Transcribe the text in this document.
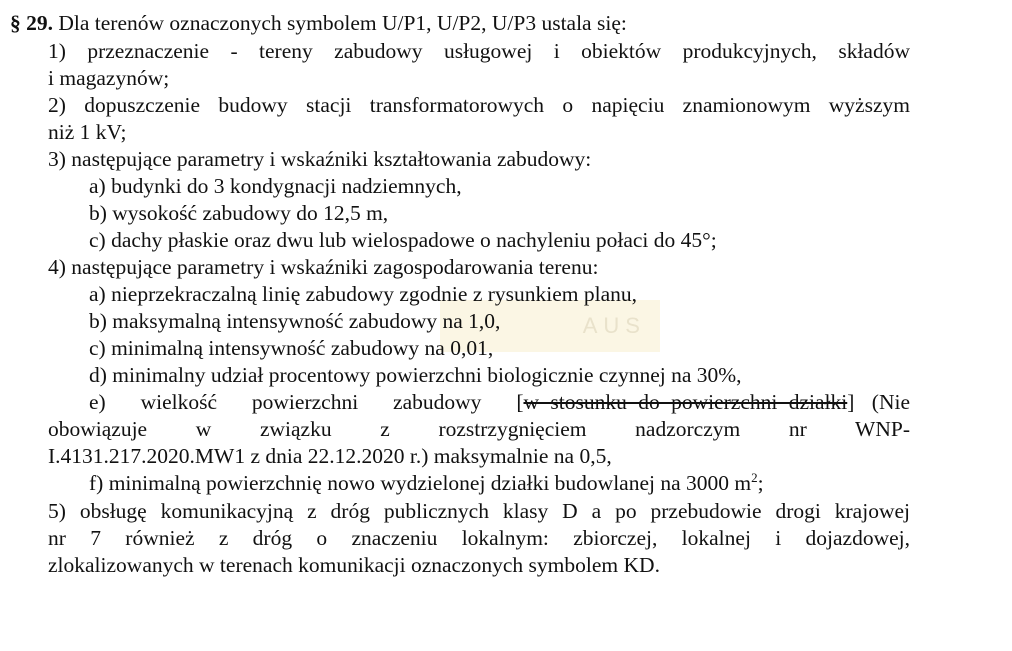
AUS
§ 29. Dla terenów oznaczonych symbolem U/P1, U/P2, U/P3 ustala się:
1) przeznaczenie - tereny zabudowy usługowej i obiektów produkcyjnych, składów
i magazynów;
2) dopuszczenie budowy stacji transformatorowych o napięciu znamionowym wyższym
niż 1 kV;
3) następujące parametry i wskaźniki kształtowania zabudowy:
a) budynki do 3 kondygnacji nadziemnych,
b) wysokość zabudowy do 12,5 m,
c) dachy płaskie oraz dwu lub wielospadowe o nachyleniu połaci do 45°;
4) następujące parametry i wskaźniki zagospodarowania terenu:
a) nieprzekraczalną linię zabudowy zgodnie z rysunkiem planu,
b) maksymalną intensywność zabudowy na 1,0,
c) minimalną intensywność zabudowy na 0,01,
d) minimalny udział procentowy powierzchni biologicznie czynnej na 30%,
e) wielkość powierzchni zabudowy [ w stosunku do powierzchni działki ] (Nie
obowiązuje w związku z rozstrzygnięciem nadzorczym nr WNP-
I.4131.217.2020.MW1 z dnia 22.12.2020 r.) maksymalnie na 0,5,
f) minimalną powierzchnię nowo wydzielonej działki budowlanej na 3000 $m^2$;
5) obsługę komunikacyjną z dróg publicznych klasy D a po przebudowie drogi krajowej
nr 7 również z dróg o znaczeniu lokalnym: zbiorczej, lokalnej i dojazdowej,
zlokalizowanych w terenach komunikacji oznaczonych symbolem KD.
